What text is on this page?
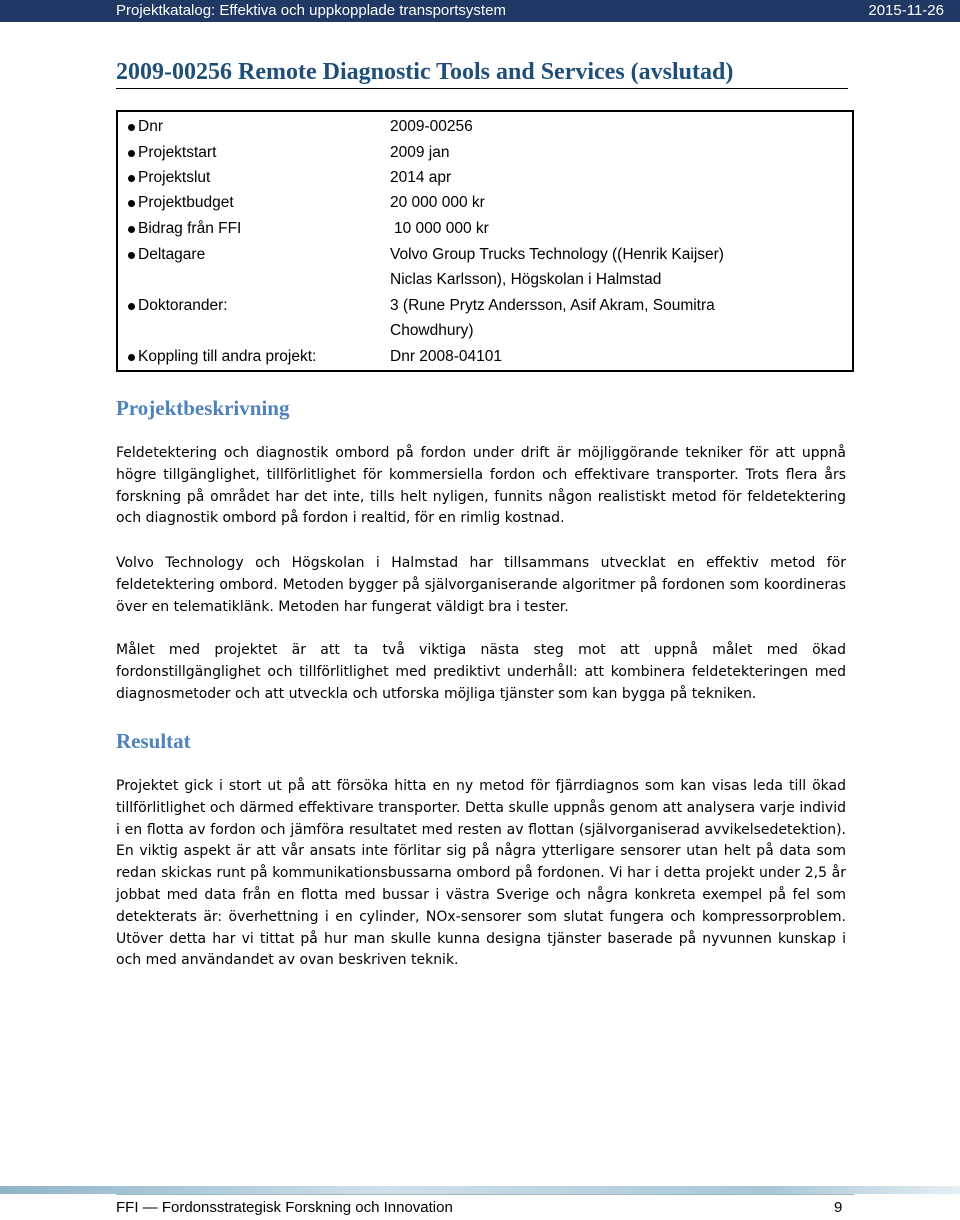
Projektkatalog: Effektiva och uppkopplade transportsystem	2015-11-26
2009-00256 Remote Diagnostic Tools and Services (avslutad)
Dnr	2009-00256
Projektstart	2009 jan
Projektslut	2014 apr
Projektbudget	20 000 000 kr
Bidrag från FFI	10 000 000 kr
Deltagare	Volvo Group Trucks Technology ((Henrik Kaijser)
Niclas Karlsson), Högskolan i Halmstad
Doktorander:	3 (Rune Prytz Andersson, Asif Akram, Soumitra
Chowdhury)
Koppling till andra projekt:	Dnr 2008-04101
Projektbeskrivning

Feldetektering och diagnostik ombord på fordon under drift är möjliggörande tekniker för att uppnå högre tillgänglighet, tillförlitlighet för kommersiella fordon och effektivare transporter. Trots flera års forskning på området har det inte, tills helt nyligen, funnits någon realistiskt metod för feldetektering och diagnostik ombord på fordon i realtid, för en rimlig kostnad.

Volvo Technology och Högskolan i Halmstad har tillsammans utvecklat en effektiv metod för feldetektering ombord. Metoden bygger på självorganiserande algoritmer på fordonen som koordineras över en telematiklänk. Metoden har fungerat väldigt bra i tester.

Målet med projektet är att ta två viktiga nästa steg mot att uppnå målet med ökad fordonstillgänglighet och tillförlitlighet med prediktivt underhåll: att kombinera feldetekteringen med diagnosmetoder och att utveckla och utforska möjliga tjänster som kan bygga på tekniken.

Resultat

Projektet gick i stort ut på att försöka hitta en ny metod för fjärrdiagnos som kan visas leda till ökad tillförlitlighet och därmed effektivare transporter. Detta skulle uppnås genom att analysera varje individ i en flotta av fordon och jämföra resultatet med resten av flottan (självorganiserad avvikelsedetektion). En viktig aspekt är att vår ansats inte förlitar sig på några ytterligare sensorer utan helt på data som redan skickas runt på kommunikationsbussarna ombord på fordonen. Vi har i detta projekt under 2,5 år jobbat med data från en flotta med bussar i västra Sverige och några konkreta exempel på fel som detekterats är: överhettning i en cylinder, NOx-sensorer som slutat fungera och kompressorproblem. Utöver detta har vi tittat på hur man skulle kunna designa tjänster baserade på nyvunnen kunskap i och med användandet av ovan beskriven teknik.

FFI — Fordonsstrategisk Forskning och Innovation	9
